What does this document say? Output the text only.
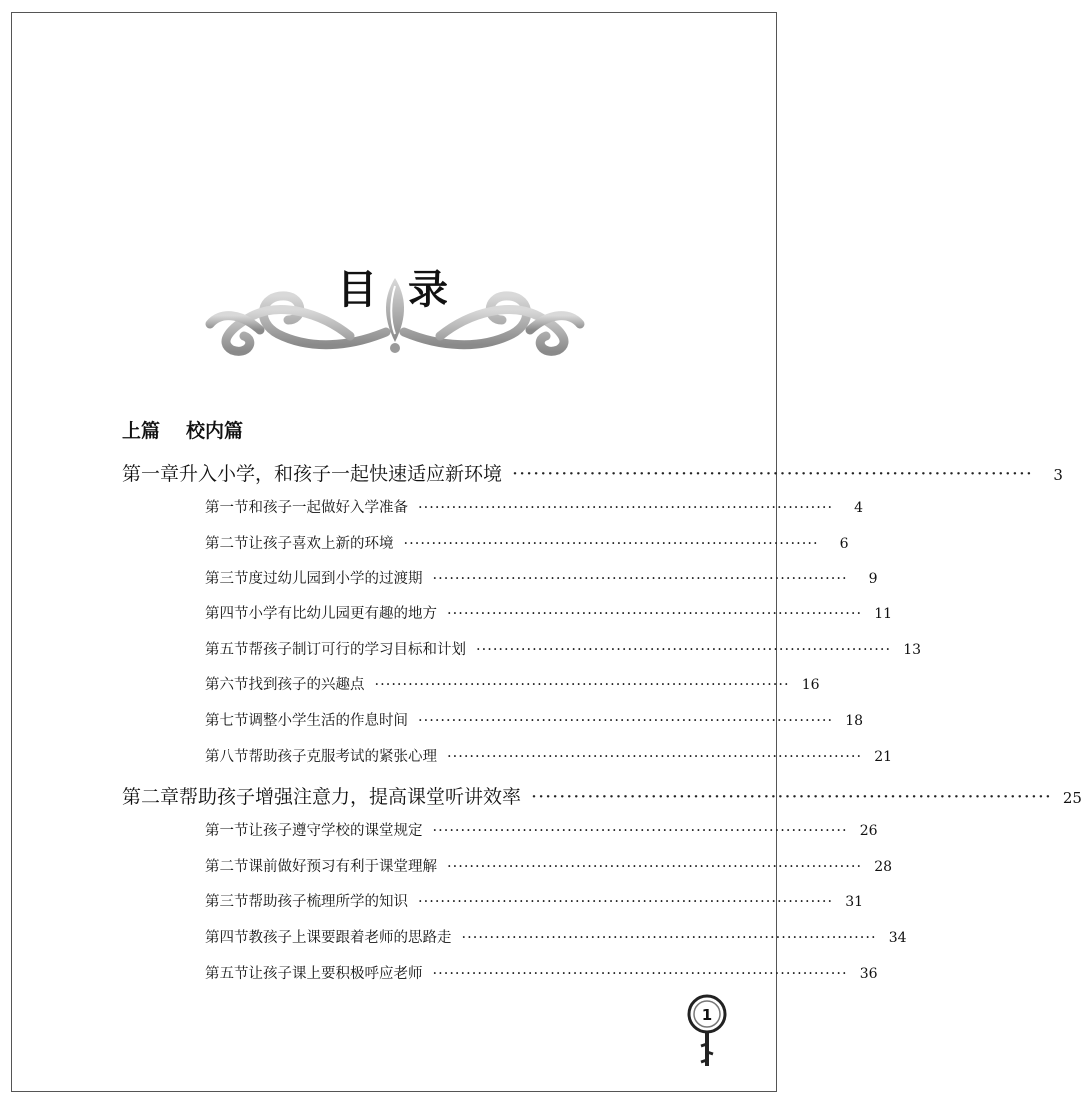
目 录
上篇 校内篇
第一章 升入小学，和孩子一起快速适应新环境 ··········································································	3
第一节 和孩子一起做好入学准备 ··········································································	4
第二节 让孩子喜欢上新的环境 ··········································································	6
第三节 度过幼儿园到小学的过渡期 ··········································································	9
第四节 小学有比幼儿园更有趣的地方 ·········································································· 11
第五节 帮孩子制订可行的学习目标和计划 ·········································································· 13
第六节 找到孩子的兴趣点 ·········································································· 16
第七节 调整小学生活的作息时间 ·········································································· 18
第八节 帮助孩子克服考试的紧张心理 ·········································································· 21
第二章 帮助孩子增强注意力，提高课堂听讲效率 ·········································································· 25
第一节 让孩子遵守学校的课堂规定 ·········································································· 26
第二节 课前做好预习有利于课堂理解 ·········································································· 28
第三节 帮助孩子梳理所学的知识 ·········································································· 31
第四节 教孩子上课要跟着老师的思路走 ·········································································· 34
第五节 让孩子课上要积极呼应老师 ·········································································· 36
1
